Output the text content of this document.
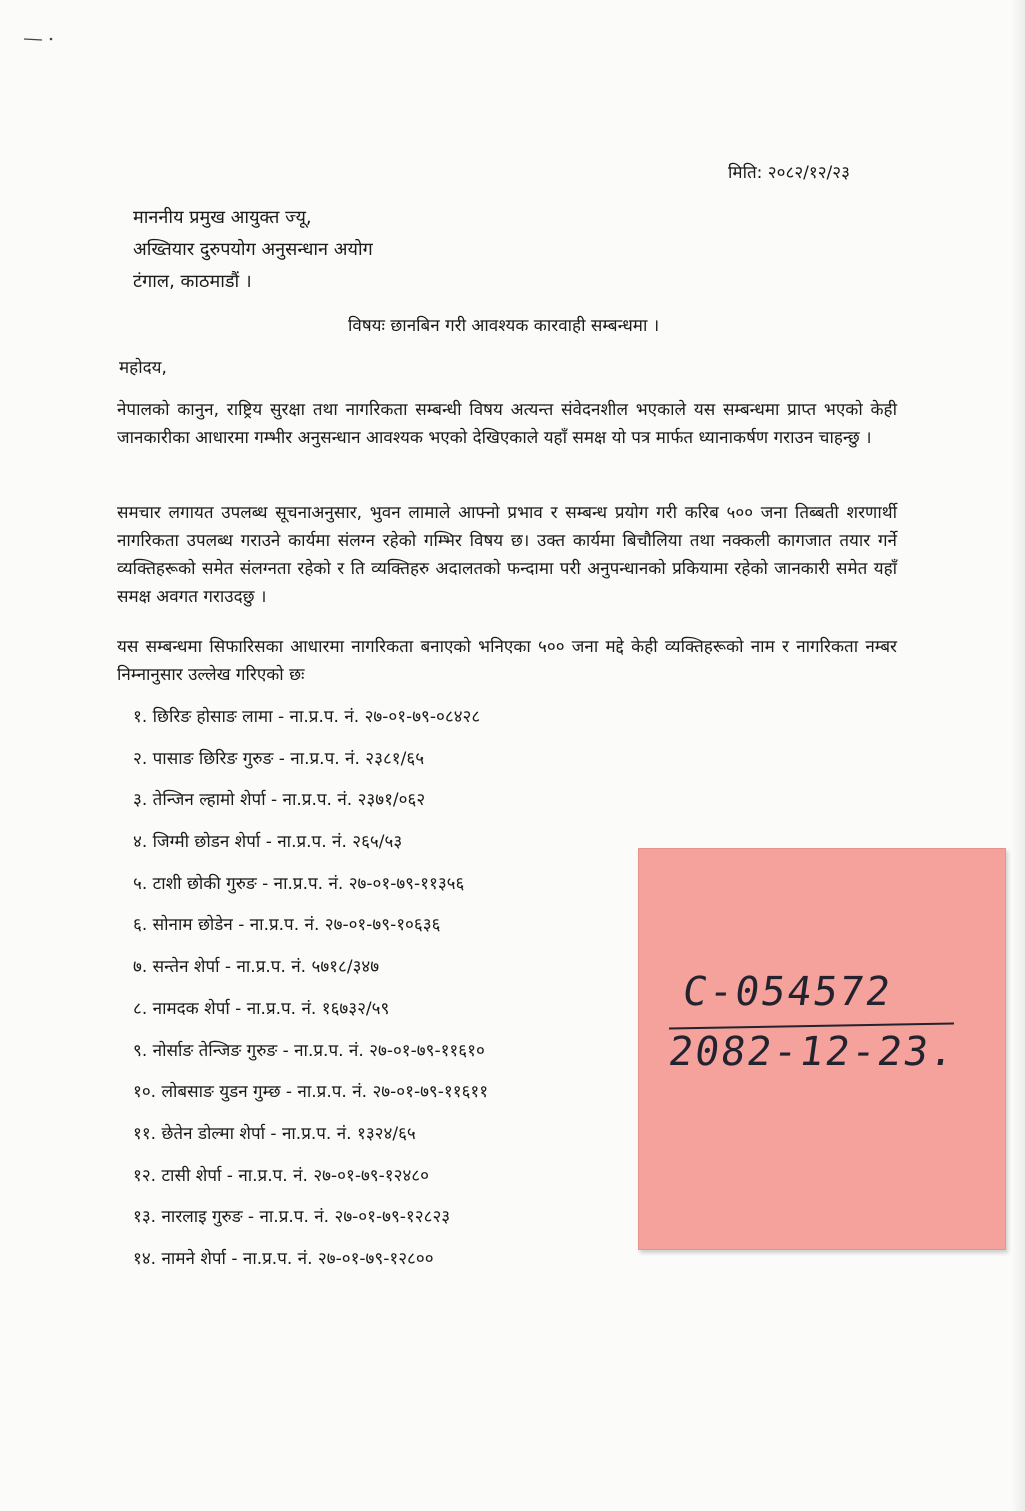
मिति: २०८२/१२/२३
माननीय प्रमुख आयुक्त ज्यू,
अख्तियार दुरुपयोग अनुसन्धान अयोग
टंगाल, काठमाडौं ।
विषयः छानबिन गरी आवश्यक कारवाही सम्बन्धमा ।
महोदय,
नेपालको कानुन, राष्ट्रिय सुरक्षा तथा नागरिकता सम्बन्धी विषय अत्यन्त संवेदनशील भएकाले यस सम्बन्धमा प्राप्त भएको केही जानकारीका आधारमा गम्भीर अनुसन्धान आवश्यक भएको देखिएकाले यहाँ समक्ष यो पत्र मार्फत ध्यानाकर्षण गराउन चाहन्छु ।
समचार लगायत उपलब्ध सूचनाअनुसार, भुवन लामाले आफ्नो प्रभाव र सम्बन्ध प्रयोग गरी करिब ५०० जना तिब्बती शरणार्थी नागरिकता उपलब्ध गराउने कार्यमा संलग्न रहेको गम्भिर विषय छ। उक्त कार्यमा बिचौलिया तथा नक्कली कागजात तयार गर्ने व्यक्तिहरूको समेत संलग्नता रहेको र ति व्यक्तिहरु अदालतको फन्दामा परी अनुपन्धानको प्रकियामा रहेको जानकारी समेत यहाँ समक्ष अवगत गराउदछु ।
यस सम्बन्धमा सिफारिसका आधारमा नागरिकता बनाएको भनिएका ५०० जना मद्दे केही व्यक्तिहरूको नाम र नागरिकता नम्बर निम्नानुसार उल्लेख गरिएको छः
१. छिरिङ होसाङ लामा - ना.प्र.प. नं. २७-०१-७९-०८४२८
२. पासाङ छिरिङ गुरुङ - ना.प्र.प. नं. २३८१/६५
३. तेन्जिन ल्हामो शेर्पा - ना.प्र.प. नं. २३७१/०६२
४. जिग्मी छोडन शेर्पा - ना.प्र.प. नं. २६५/५३
५. टाशी छोकी गुरुङ - ना.प्र.प. नं. २७-०१-७९-११३५६
६. सोनाम छोडेन - ना.प्र.प. नं. २७-०१-७९-१०६३६
७. सन्तेन शेर्पा - ना.प्र.प. नं. ५७१८/३४७
८. नामदक शेर्पा - ना.प्र.प. नं. १६७३२/५९
९. नोर्साङ तेन्जिङ गुरुङ - ना.प्र.प. नं. २७-०१-७९-११६१०
१०. लोबसाङ युडन गुम्छ - ना.प्र.प. नं. २७-०१-७९-११६११
११. छेतेन डोल्मा शेर्पा - ना.प्र.प. नं. १३२४/६५
१२. टासी शेर्पा - ना.प्र.प. नं. २७-०१-७९-१२४८०
१३. नारलाइ गुरुङ - ना.प्र.प. नं. २७-०१-७९-१२८२३
१४. नामने शेर्पा - ना.प्र.प. नं. २७-०१-७९-१२८००
C-054572
2082-12-23.
